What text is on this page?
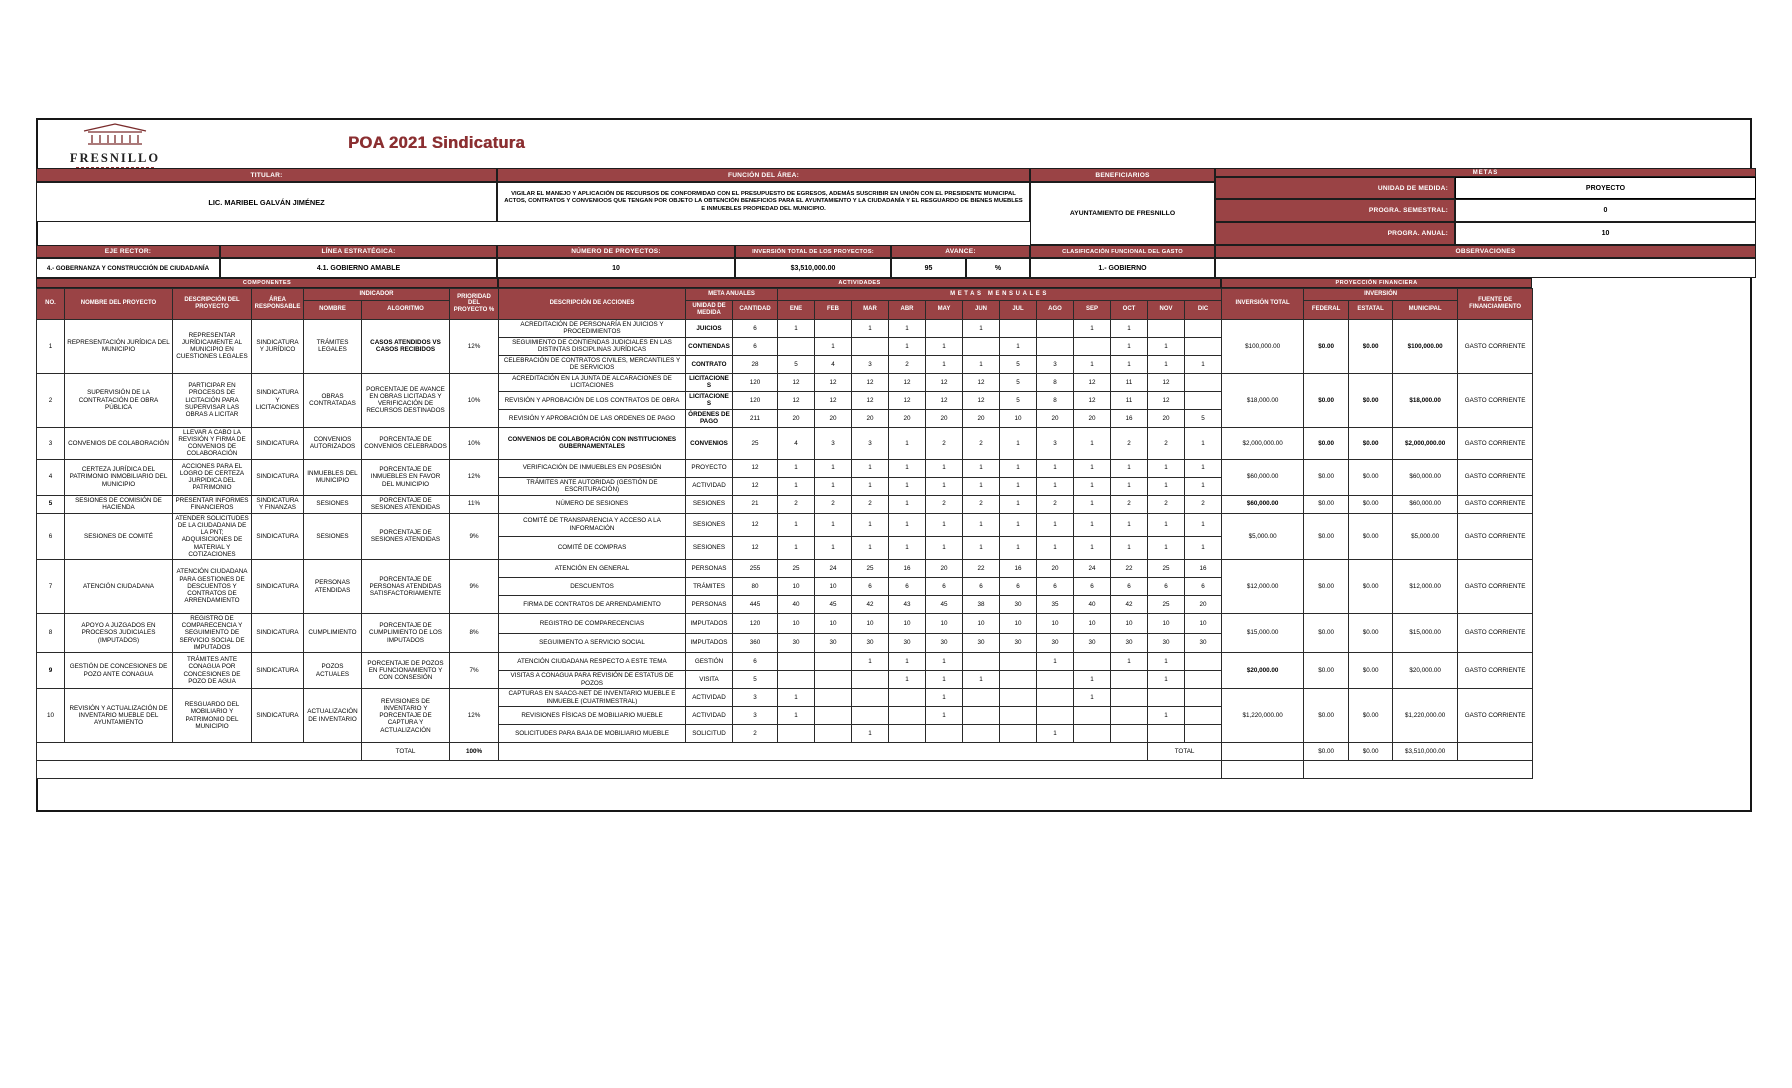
FRESNILLO
POA 2021 Sindicatura
TITULAR:
LIC. MARIBEL GALVÁN JIMÉNEZ
FUNCIÓN DEL ÁREA:
VIGILAR EL MANEJO Y APLICACIÓN DE RECURSOS DE CONFORMIDAD CON EL PRESUPUESTO DE EGRESOS, ADEMÁS SUSCRIBIR EN UNIÓN CON EL PRESIDENTE MUNICIPAL ACTOS, CONTRATOS Y CONVENIOOS QUE TENGAN POR OBJETO LA OBTENCIÓN BENEFICIOS PARA EL AYUNTAMIENTO Y LA CIUDADANÍA Y EL RESGUARDO DE BIENES MUEBLES E INMUEBLES PROPIEDAD DEL MUNICIPIO.
BENEFICIARIOS
AYUNTAMIENTO DE FRESNILLO
METAS
UNIDAD DE MEDIDA:	PROYECTO
PROGRA. SEMESTRAL:	0
PROGRA. ANUAL:	10
EJE RECTOR:	LÍNEA ESTRATÉGICA:	NÚMERO DE PROYECTOS:	INVERSIÓN TOTAL DE LOS PROYECTOS:	AVANCE:	CLASIFICACIÓN FUNCIONAL DEL GASTO	OBSERVACIONES
4.- GOBERNANZA Y CONSTRUCCIÓN DE CIUDADANÍA	4.1. GOBIERNO AMABLE	10	$3,510,000.00	95	%	1.- GOBIERNO
COMPONENTES	ACTIVIDADES	PROYECCIÓN FINANCIERA
NO.	NOMBRE DEL PROYECTO	DESCRIPCIÓN DEL PROYECTO	ÁREA RESPONSABLE	INDICADOR		PRIORIDAD DEL PROYECTO %	DESCRIPCIÓN DE ACCIONES	META ANUALES		METAS MENSUALES												INVERSIÓN TOTAL	INVERSIÓN			FUENTE DE FINANCIAMIENTO
				NOMBRE	ALGORITMO			UNIDAD DE MEDIDA	CANTIDAD	ENE	FEB	MAR	ABR	MAY	JUN	JUL	AGO	SEP	OCT	NOV	DIC		FEDERAL	ESTATAL	MUNICIPAL	
1	REPRESENTACIÓN JURÍDICA DEL MUNICIPIO	REPRESENTAR JURÍDICAMENTE AL MUNICIPIO EN CUESTIONES LEGALES	SINDICATURA Y JURÍDICO	TRÁMITES LEGALES	CASOS ATENDIDOS VS CASOS RECIBIDOS	12%	ACREDITACIÓN DE PERSONARÍA EN JUICIOS Y PROCEDIMIENTOS	JUICIOS	6	1		1	1		1			1	1			$100,000.00	$0.00	$0.00	$100,000.00	GASTO CORRIENTE
							SEGUIMIENTO DE CONTIENDAS JUDICIALES EN LAS DISTINTAS DISCIPLINAS JURÍDICAS	CONTIENDAS	6		1		1	1		1			1	1						
							CELEBRACIÓN DE CONTRATOS CIVILES, MERCANTILES Y DE SERVICIOS	CONTRATO	28	5	4	3	2	1	1	5	3	1	1	1	1					
2	SUPERVISIÓN DE LA CONTRATACIÓN DE OBRA PÚBLICA	PARTICIPAR EN PROCESOS DE LICITACIÓN PARA SUPERVISAR LAS OBRAS A LICITAR	SINDICATURA Y LICITACIONES	OBRAS CONTRATADAS	PORCENTAJE DE AVANCE EN OBRAS LICITADAS Y VERIFICACIÓN DE RECURSOS DESTINADOS	10%	ACREDITACIÓN EN LA JUNTA DE ALCARACIONES DE LICITACIONES	LICITACIONES	120	12	12	12	12	12	12	5	8	12	11	12		$18,000.00	$0.00	$0.00	$18,000.00	GASTO CORRIENTE
							REVISIÓN Y APROBACIÓN DE LOS CONTRATOS DE OBRA	LICITACIONES	120	12	12	12	12	12	12	5	8	12	11	12						
							REVISIÓN Y APROBACIÓN DE LAS ORDENES DE PAGO	ÓRDENES DE PAGO	211	20	20	20	20	20	20	10	20	20	16	20	5					
3	CONVENIOS DE COLABORACIÓN	LLEVAR A CABO LA REVISIÓN Y FIRMA DE CONVENIOS DE COLABORACIÓN	SINDICATURA	CONVENIOS AUTORIZADOS	PORCENTAJE DE CONVENIOS CELEBRADOS	10%	CONVENIOS DE COLABORACIÓN CON INSTITUCIONES GUBERNAMENTALES	CONVENIOS	25	4	3	3	1	2	2	1	3	1	2	2	1	$2,000,000.00	$0.00	$0.00	$2,000,000.00	GASTO CORRIENTE
4	CERTEZA JURÍDICA DEL PATRIMONIO INMOBILIARIO DEL MUNICIPIO	ACCIONES PARA EL LOGRO DE CERTEZA JURPIDICA DEL PATRIMONIO	SINDICATURA	INMUEBLES DEL MUNICIPIO	PORCENTAJE DE INMUEBLES EN FAVOR DEL MUNICIPIO	12%	VERIFICACIÓN DE INMUEBLES EN POSESIÓN	PROYECTO	12	1	1	1	1	1	1	1	1	1	1	1	1	$60,000.00	$0.00	$0.00	$60,000.00	GASTO CORRIENTE
							TRÁMITES ANTE AUTORIDAD (GESTIÓN DE ESCRITURACIÓN)	ACTIVIDAD	12	1	1	1	1	1	1	1	1	1	1	1	1					
5	SESIONES DE COMISIÓN DE HACIENDA	PRESENTAR INFORMES FINANCIEROS	SINDICATURA Y FINANZAS	SESIONES	PORCENTAJE DE SESIONES ATENDIDAS	11%	NÚMERO DE SESIONES	SESIONES	21	2	2	2	1	2	2	1	2	1	2	2	2	$60,000.00	$0.00	$0.00	$60,000.00	GASTO CORRIENTE
6	SESIONES DE COMITÉ	ATENDER SOLICITUDES DE LA CIUDADANIA DE LA PNT; ADQUISICIONES DE MATERIAL Y COTIZACIONES	SINDICATURA	SESIONES	PORCENTAJE DE SESIONES ATENDIDAS	9%	COMITÉ DE TRANSPARENCIA Y ACCESO A LA INFORMACIÓN	SESIONES	12	1	1	1	1	1	1	1	1	1	1	1	1	$5,000.00	$0.00	$0.00	$5,000.00	GASTO CORRIENTE
							COMITÉ DE COMPRAS	SESIONES	12	1	1	1	1	1	1	1	1	1	1	1	1					
7	ATENCIÓN CIUDADANA	ATENCIÓN CIUDADANA PARA GESTIONES DE DESCUENTOS Y CONTRATOS DE ARRENDAMIENTO	SINDICATURA	PERSONAS ATENDIDAS	PORCENTAJE DE PERSONAS ATENDIDAS SATISFACTORIAMENTE	9%	ATENCIÓN EN GENERAL	PERSONAS	255	25	24	25	16	20	22	16	20	24	22	25	16	$12,000.00	$0.00	$0.00	$12,000.00	GASTO CORRIENTE
							DESCUENTOS	TRÁMITES	80	10	10	6	6	6	6	6	6	6	6	6	6					
							FIRMA DE CONTRATOS DE ARRENDAMIENTO	PERSONAS	445	40	45	42	43	45	38	30	35	40	42	25	20					
8	APOYO A JUZGADOS EN PROCESOS JUDICIALES (IMPUTADOS)	REGISTRO DE COMPARECENCIA Y SEGUIMIENTO DE SERVICIO SOCIAL DE IMPUTADOS	SINDICATURA	CUMPLIMIENTO	PORCENTAJE DE CUMPLIMIENTO DE LOS IMPUTADOS	8%	REGISTRO DE COMPARECENCIAS	IMPUTADOS	120	10	10	10	10	10	10	10	10	10	10	10	10	$15,000.00	$0.00	$0.00	$15,000.00	GASTO CORRIENTE
							SEGUIMIENTO A SERVICIO SOCIAL	IMPUTADOS	360	30	30	30	30	30	30	30	30	30	30	30	30					
9	GESTIÓN DE CONCESIONES DE POZO ANTE CONAGUA	TRÁMITES ANTE CONAGUA POR CONCESIONES DE POZO DE AGUA	SINDICATURA	POZOS ACTUALES	PORCENTAJE DE POZOS EN FUNCIONAMIENTO Y CON CONSESIÓN	7%	ATENCIÓN CIUDADANA RESPECTO A ESTE TEMA	GESTIÓN	6			1	1	1			1		1	1		$20,000.00	$0.00	$0.00	$20,000.00	GASTO CORRIENTE
							VISITAS A CONAGUA PARA REVISIÓN DE ESTATUS DE POZOS	VISITA	5				1	1	1			1		1						
10	REVISIÓN Y ACTUALIZACIÓN DE INVENTARIO MUEBLE DEL AYUNTAMIENTO	RESGUARDO DEL MOBILIARIO Y PATRIMONIO DEL MUNICIPIO	SINDICATURA	ACTUALIZACIÓN DE INVENTARIO	REVISIONES DE INVENTARIO Y PORCENTAJE DE CAPTURA Y ACTUALIZACIÓN	12%	CAPTURAS EN SAACG-NET DE INVENTARIO MUEBLE E INMUEBLE (CUATRIMESTRAL)	ACTIVIDAD	3	1				1				1				$1,220,000.00	$0.00	$0.00	$1,220,000.00	GASTO CORRIENTE
							REVISIONES FÍSICAS DE MOBILIARIO MUEBLE	ACTIVIDAD	3	1				1						1						
							SOLICITUDES PARA BAJA DE MOBILIARIO MUEBLE	SOLICITUD	2			1					1									
					TOTAL	100%														TOTAL		$3,510,000.00	$0.00	$0.00	$3,510,000.00	
																						$3,510,000.00				
